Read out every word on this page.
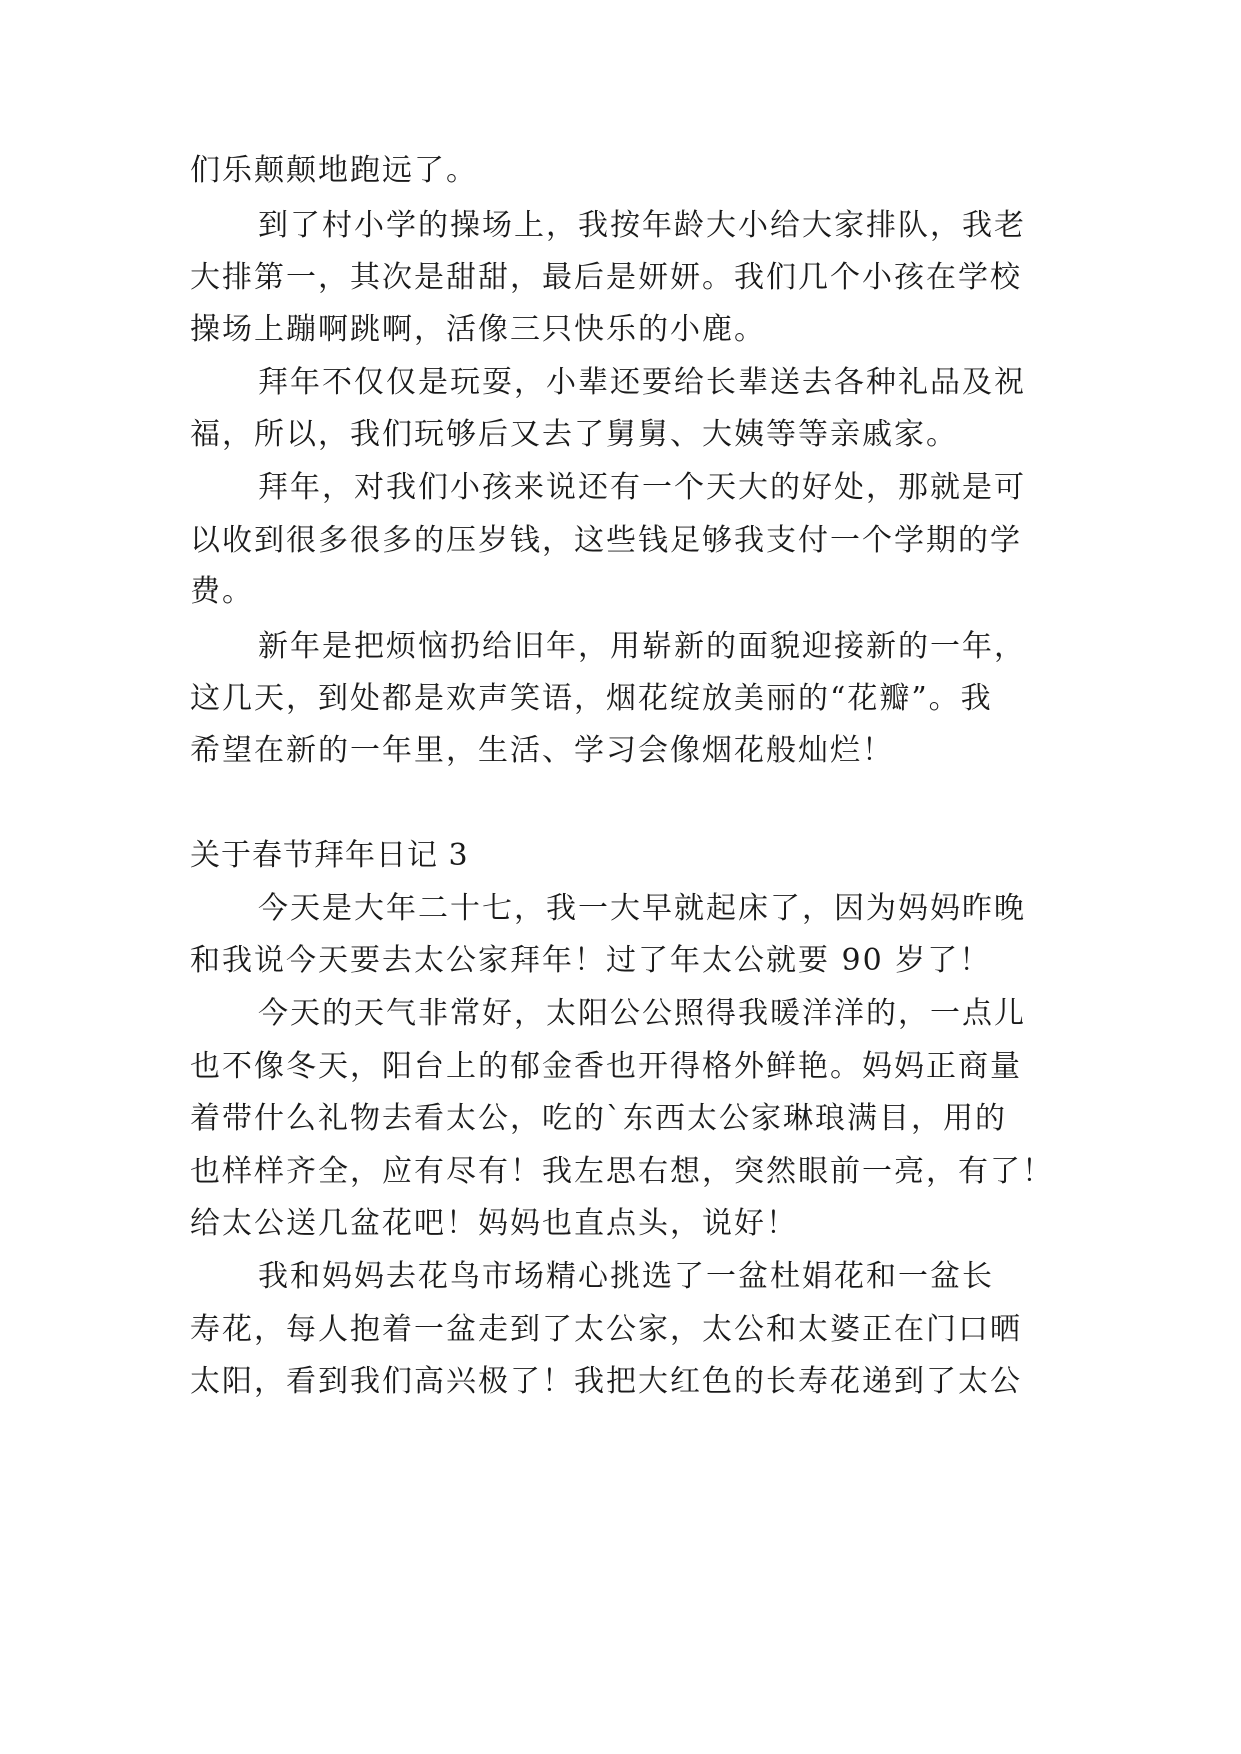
们乐颠颠地跑远了。
到了村小学的操场上，我按年龄大小给大家排队，我老
大排第一，其次是甜甜，最后是妍妍。我们几个小孩在学校
操场上蹦啊跳啊，活像三只快乐的小鹿。
拜年不仅仅是玩耍，小辈还要给长辈送去各种礼品及祝
福，所以，我们玩够后又去了舅舅、大姨等等亲戚家。
拜年，对我们小孩来说还有一个天大的好处，那就是可
以收到很多很多的压岁钱，这些钱足够我支付一个学期的学
费。
新年是把烦恼扔给旧年，用崭新的面貌迎接新的一年，
这几天，到处都是欢声笑语，烟花绽放美丽的“花瓣”。我
希望在新的一年里，生活、学习会像烟花般灿烂！
关于春节拜年日记 3
今天是大年二十七，我一大早就起床了，因为妈妈昨晚
和我说今天要去太公家拜年！过了年太公就要 90 岁了！
今天的天气非常好，太阳公公照得我暖洋洋的，一点儿
也不像冬天，阳台上的郁金香也开得格外鲜艳。妈妈正商量
着带什么礼物去看太公，吃的`东西太公家琳琅满目，用的
也样样齐全，应有尽有！我左思右想，突然眼前一亮，有了！
给太公送几盆花吧！妈妈也直点头，说好！
我和妈妈去花鸟市场精心挑选了一盆杜娟花和一盆长
寿花，每人抱着一盆走到了太公家，太公和太婆正在门口晒
太阳，看到我们高兴极了！我把大红色的长寿花递到了太公
